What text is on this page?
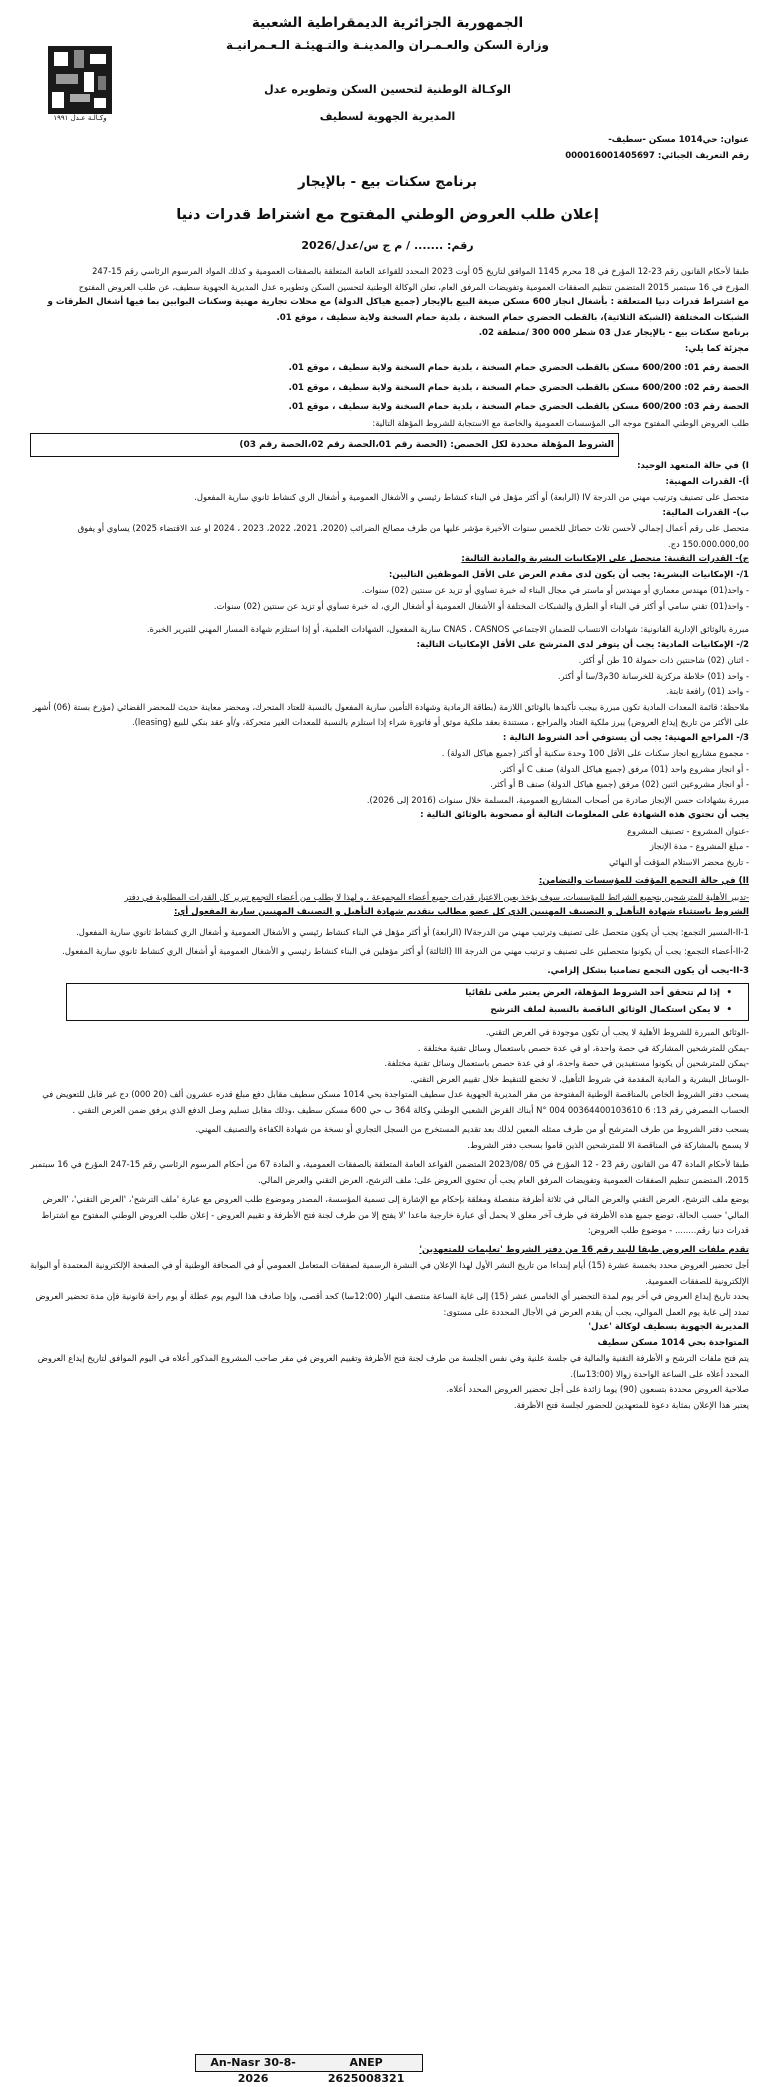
وكـالـة عـدل ١٩٩١
الجمهورية الجزائرية الديمقراطية الشعبية
وزارة السكن والعـمـران والمدينـة والتـهيئـة الـعـمرانيـة
الوكـالة الوطنية لتحسين السكن وتطويره عدل
المديرية الجهوية لسطيف
عنوان: حي1014 مسكن -سطيف-
رقم التعريف الجبائي: 000016001405697
برنامج سكنات بيع - بالإيجار
إعلان طلب العروض الوطني المفتوح مع اشتراط قدرات دنيا
رقم: ....... / م ج س/عدل/2026

طبقا لأحكام القانون رقم 23-12 المؤرخ في 18 محرم 1145 الموافق لتاريخ 05 أوت 2023 المحدد للقواعد العامة المتعلقة بالصفقات العمومية و كذلك المواد المرسوم الرئاسي رقم 15-247

المؤرخ في 16 سبتمبر 2015 المتضمن تنظيم الصفقات العمومية وتفويضات المرفق العام، تعلن الوكالة الوطنية لتحسين السكن وتطويره عدل المديرية الجهوية سطيف، عن طلب العروض المفتوح

مع اشتراط قدرات دنيا المتعلقة : بأشغال انجاز 600 مسكن صيغة البيع بالإيجار (جميع هياكل الدولة) مع محلات تجارية مهنية وسكنات البوابين بما فيها أشغال الطرقات و

الشبكات المختلفة (الشبكة الثلاثية)، بالقطب الحضري حمام السخنة ، بلدية حمام السخنة ولاية سطيف ، موقع 01.

برنامج سكنات بيع - بالإيجار عدل 03 شطر 000 300 /منطقة 02.

مجزئة كما يلي:

الحصة رقم 01: 600/200 مسكن بالقطب الحضري حمام السخنة ، بلدية حمام السخنة ولاية سطيف ، موقع 01.

الحصة رقم 02: 600/200 مسكن بالقطب الحضري حمام السخنة ، بلدية حمام السخنة ولاية سطيف ، موقع 01.

الحصة رقم 03: 600/200 مسكن بالقطب الحضري حمام السخنة ، بلدية حمام السخنة ولاية سطيف ، موقع 01.

طلب العروض الوطني المفتوح موجه الى المؤسسات العمومية والخاصة مع الاستجابة للشروط المؤهلة التالية:

الشروط المؤهلة محددة لكل الحصص: (الحصة رقم 01،الحصة رقم 02،الحصة رقم 03)

I) في حالة المتعهد الوحيد:

أ)- القدرات المهنية:

متحصل على تصنيف وترتيب مهني من الدرجة IV (الرابعة) أو أكثر مؤهل في البناء كنشاط رئيسي و الأشغال العمومية و أشغال الري كنشاط ثانوي سارية المفعول.

ب)- القدرات المالية:

متحصل على رقم أعمال إجمالي لأحسن ثلاث حصائل للخمس سنوات الأخيرة مؤشر عليها من طرف مصالح الضرائب (2020، 2021، 2022، 2023 ، 2024 او عند الاقتضاء 2025) يساوي أو يفوق 150.000.000,00 دج.

ج)- القدرات التقنية: متحصل على الإمكانيات البشرية والمادية التالية:

1/- الإمكانيات البشرية: يجب أن يكون لدى مقدم العرض على الأقل الموظفين التاليين:

- واحد(01) مهندس معماري أو مهندس أو ماستر في مجال البناء له خبرة تساوي أو تزيد عن سنتين (02) سنوات.

- واحد(01) تقني سامي أو أكثر في البناء أو الطرق والشبكات المختلفة أو الأشغال العمومية أو أشغال الري، له خبرة تساوي أو تزيد عن سنتين (02) سنوات.

مبررة بالوثائق الإدارية القانونية: شهادات الانتساب للضمان الاجتماعي CNAS ، CASNOS سارية المفعول، الشهادات العلمية، أو إذا استلزم شهادة المسار المهني للتبرير الخبرة.

2/- الإمكانيات المادية: يجب أن يتوفر لدى المترشح على الأقل الإمكانيات التالية:

- اثنان (02) شاحنتين ذات حمولة 10 طن أو أكثر.

- واحد (01) خلاطة مركزية للخرسانة 30م3/سا أو أكثر.

- واحد (01) رافعة ثابتة.

ملاحظة: قائمة المعدات المادية تكون مبررة بيجب تأكيدها بالوثائق اللازمة (بطاقة الرمادية وشهادة التأمين سارية المفعول بالنسبة للعتاد المتحرك، ومحضر معاينة حديث للمحضر القضائي (مؤرخ بستة (06) أشهر على الأكثر من تاريخ إيداع العروض) يبرز ملكية العتاد والمراجع ، مستندة بعقد ملكية موثق أو فاتورة شراء إذا استلزم بالنسبة للمعدات الغير متحركة، و/أو عقد بنكي للبيع (leasing).

3/- المراجع المهنية: يجب أن يستوفي أحد الشروط التالية :

- مجموع مشاريع انجاز سكنات على الأقل 100 وحدة سكنية أو أكثر (جميع هياكل الدولة) .

- أو انجاز مشروع واحد (01) مرفق (جميع هياكل الدولة) صنف C أو أكثر.

- أو انجاز مشروعين اثنين (02) مرفق (جميع هياكل الدولة) صنف B أو أكثر.

مبررة بشهادات حسن الإنجاز صادرة من أصحاب المشاريع العمومية، المسلمة خلال سنوات (2016 إلى 2026).

يجب أن تحتوي هذه الشهادة على المعلومات التالية أو مصحوبة بالوثائق التالية :

-عنوان المشروع - تصنيف المشروع

- مبلغ المشروع - مدة الإنجاز

- تاريخ محضر الاستلام المؤقت أو النهائي

II) في حالة التجمع المؤقت للمؤسسات والتضامن:

-تدبير الأهلية للمترشحين بتجميع الشرائط للمؤسسات، سوف يؤخذ بعين الاعتبار قدرات جميع أعضاء المجموعة ، و لهذا لا يطلب من أعضاء التجمع تبرير كل القدرات المطلوبة في دفتر

الشروط باستثناء شهادة التأهيل و التصنيف المهنيين الذي كل عضو مطالب بتقديم شهادة التأهيل و التصنيف المهنيين سارية المفعول أي:

II-1-المسير التجمع: يجب أن يكون متحصل على تصنيف وترتيب مهني من الدرجةIV (الرابعة) أو أكثر مؤهل في البناء كنشاط رئيسي و الأشغال العمومية و أشغال الري كنشاط ثانوي سارية المفعول.

II-2-أعضاء التجمع: يجب أن يكونوا متحصلين على تصنيف و ترتيب مهني من الدرجة III (الثالثة) أو أكثر مؤهلين في البناء كنشاط رئيسي و الأشغال العمومية أو أشغال الري كنشاط ثانوي سارية المفعول.

II-3-يجب أن يكون التجمع تضامنيا بشكل إلزامي.

• إذا لم تتحقق أحد الشروط المؤهلة، العرض يعتبر ملغى تلقائيا

• لا يمكن استكمال الوثائق الناقصة بالنسبة لملف الترشح

-الوثائق المبررة للشروط الأهلية لا يجب أن تكون موجودة في العرض التقني.

-يمكن للمترشحين المشاركة في حصة واحدة، او في عدة حصص باستعمال وسائل تقنية مختلفة .

-يمكن للمترشحين أن يكونوا مستفيدين في حصة واحدة، او في عدة حصص باستعمال وسائل تقنية مختلفة.

-الوسائل البشرية و المادية المقدمة في شروط التأهيل، لا تخضع للتنقيط خلال تقييم العرض التقني.

يسحب دفتر الشروط الخاص بالمناقصة الوطنية المفتوحة من مقر المديرية الجهوية عدل سطيف المتواجدة بحي 1014 مسكن سطيف مقابل دفع مبلغ قدره عشرون ألف (20 000) دج غير قابل للتعويض في الحساب المصرفي رقم 13: N° 004 00364400103610 6 أبناك القرض الشعبي الوطني وكالة 364 ب حي 600 مسكن سطيف ،وذلك مقابل تسليم وصل الدفع الذي يرفق ضمن العرض التقني .

يسحب دفتر الشروط من طرف المترشح أو من طرف ممثله المعين لذلك بعد تقديم المستخرج من السجل التجاري أو نسخة من شهادة الكفاءة والتصنيف المهني.

لا يسمح بالمشاركة في المناقصة الا للمترشحين الذين قاموا بسحب دفتر الشروط.

طبقا لأحكام المادة 47 من القانون رقم 23 - 12 المؤرخ في 05 /2023/08 المتضمن القواعد العامة المتعلقة بالصفقات العمومية، و المادة 67 من أحكام المرسوم الرئاسي رقم 15-247 المؤرخ في 16 سبتمبر 2015، المتضمن تنظيم الصفقات العمومية وتفويضات المرفق العام يجب أن تحتوي العروض على: ملف الترشح، العرض التقني والعرض المالي.

يوضع ملف الترشح، العرض التقني والعرض المالي في ثلاثة أظرفة منفصلة ومغلقة بإحكام مع الإشارة إلى تسمية المؤسسة، المصدر وموضوع طلب العروض مع عبارة 'ملف الترشح'، 'العرض التقني'، 'العرض المالي' حسب الحالة، توضع جميع هذه الأظرفة في ظرف آخر مغلق لا يحمل أي عبارة خارجية ماعدا 'لا يفتح إلا من طرف لجنة فتح الأظرفة و تقييم العروض - إعلان طلب العروض الوطني المفتوح مع اشتراط قدرات دنيا رقم........ - موضوع طلب العروض:

تقدم ملفات العروض طبقا للبند رقم 16 من دفتر الشروط 'تعليمات للمتعهدين'

أجل تحضير العروض محدد بخمسة عشرة (15) أيام إبتداءا من تاريخ النشر الأول لهذا الإعلان في النشرة الرسمية لصفقات المتعامل العمومي أو في الصحافة الوطنية أو في الصفحة الإلكترونية المعتمدة أو البوابة الإلكترونية للصفقات العمومية.

يحدد تاريخ إيداع العروض في أخر يوم لمدة التحضير أي الخامس عشر (15) إلى غاية الساعة منتصف النهار (12:00سا) كحد أقصى، وإذا صادف هذا اليوم يوم عطلة أو يوم راحة قانونية فإن مدة تحضير العروض تمدد إلى غاية يوم العمل الموالي، يجب أن يقدم العرض في الأجال المحددة على مستوى:

المديرية الجهوية بسطيف لوكالة 'عدل'

المتواجدة بحي 1014 مسكن سطيف

يتم فتح ملفات الترشح و الأظرفة التقنية والمالية في جلسة علنية وفي نفس الجلسة من طرف لجنة فتح الأظرفة وتقييم العروض في مقر صاحب المشروع المذكور أعلاه في اليوم الموافق لتاريخ إيداع العروض المحدد أعلاه على الساعة الواحدة زوالا (13:00سا).

صلاحية العروض محددة بتسعون (90) يوما زائدة على أجل تحضير العروض المحدد أعلاه.

يعتبر هذا الإعلان بمثابة دعوة للمتعهدين للحضور لجلسة فتح الأظرفة.

An-Nasr 30-8-2026
ANEP 2625008321
